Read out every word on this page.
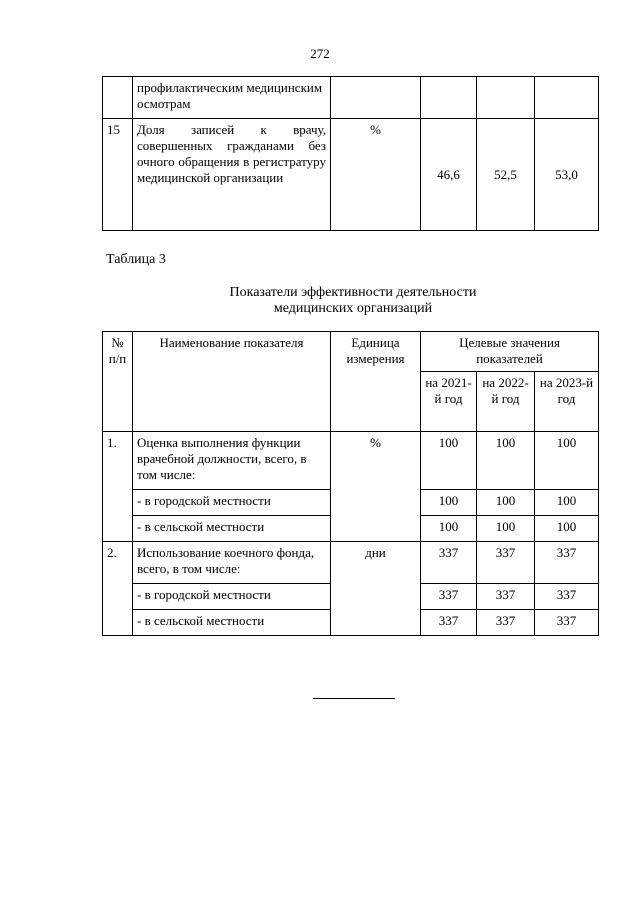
272
	профилактическим медицинским осмотрам				
15	Доля записей к врачу, совершенных гражданами без очного обращения в регистратуру медицинской организации	%	46,6	52,5	53,0
Таблица 3
Показатели эффективности деятельности
медицинских организаций
№ п/п	Наименование показателя	Единица измерения	Целевые значения показателей		
			на 2021-й год	на 2022-й год	на 2023-й год
1.	Оценка выполнения функции врачебной должности, всего, в том числе:	%	100	100	100
	- в городской местности		100	100	100
	- в сельской местности		100	100	100
2.	Использование коечного фонда, всего, в том числе:	дни	337	337	337
	- в городской местности		337	337	337
	- в сельской местности		337	337	337
